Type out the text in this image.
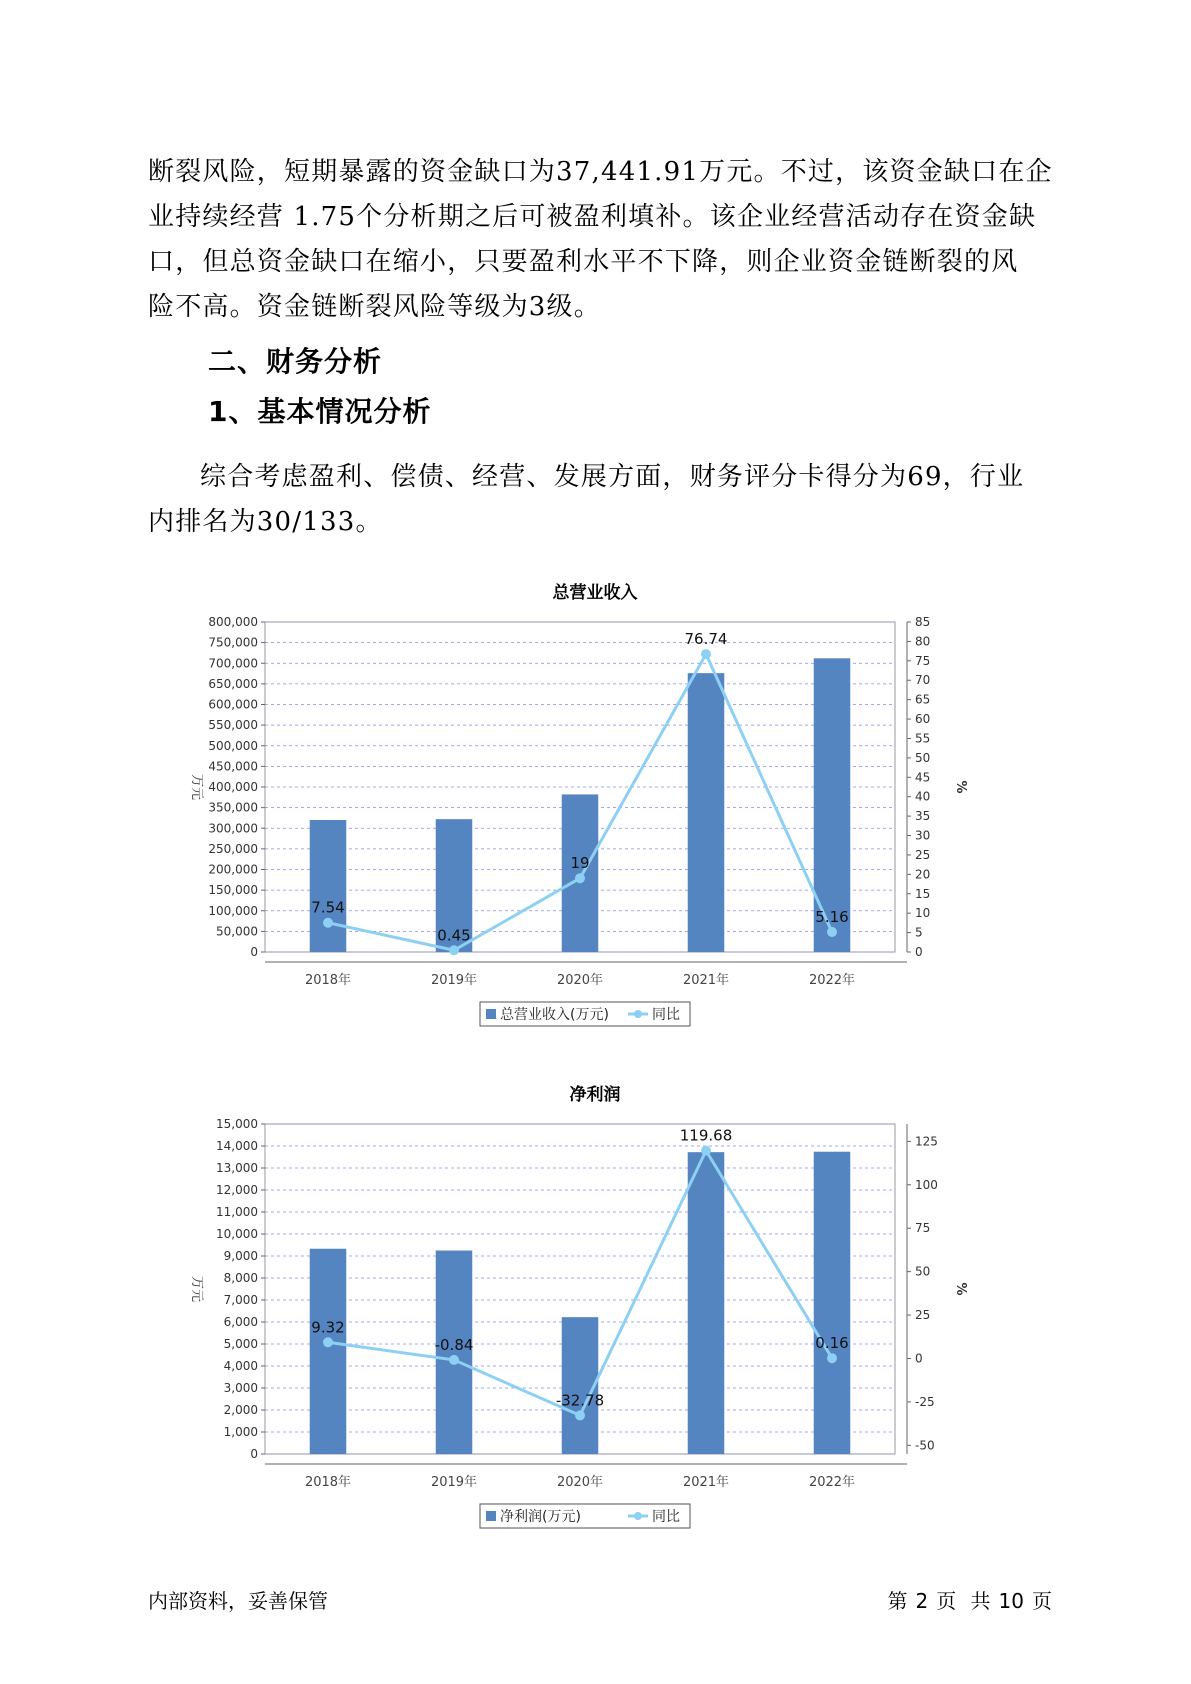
断裂风险，短期暴露的资金缺口为37,441.91万元。不过，该资金缺口在企
业持续经营 1.75个分析期之后可被盈利填补。该企业经营活动存在资金缺
口，但总资金缺口在缩小，只要盈利水平不下降，则企业资金链断裂的风
险不高。资金链断裂风险等级为3级。
二、财务分析
1、基本情况分析
综合考虑盈利、偿债、经营、发展方面，财务评分卡得分为69，行业
内排名为30/133。
总营业收入
0
50,000
100,000
150,000
200,000
250,000
300,000
350,000
400,000
450,000
500,000
550,000
600,000
650,000
700,000
750,000
800,000
0
5
10
15
20
25
30
35
40
45
50
55
60
65
70
75
80
85
万元	%
2018年	2019年	2020年	2021年	2022年
7.54
0.45
19
76.74
5.16
总营业收入(万元)	同比
净利润
0
1,000
2,000
3,000
4,000
5,000
6,000
7,000
8,000
9,000
10,000
11,000
12,000
13,000
14,000
15,000
-50
-25
0
25
50
75
100
125
万元	%
2018年	2019年	2020年	2021年	2022年
9.32
-0.84
-32.78
119.68
0.16
净利润(万元)	同比
内部资料，妥善保管	第 2 页 共 10 页
